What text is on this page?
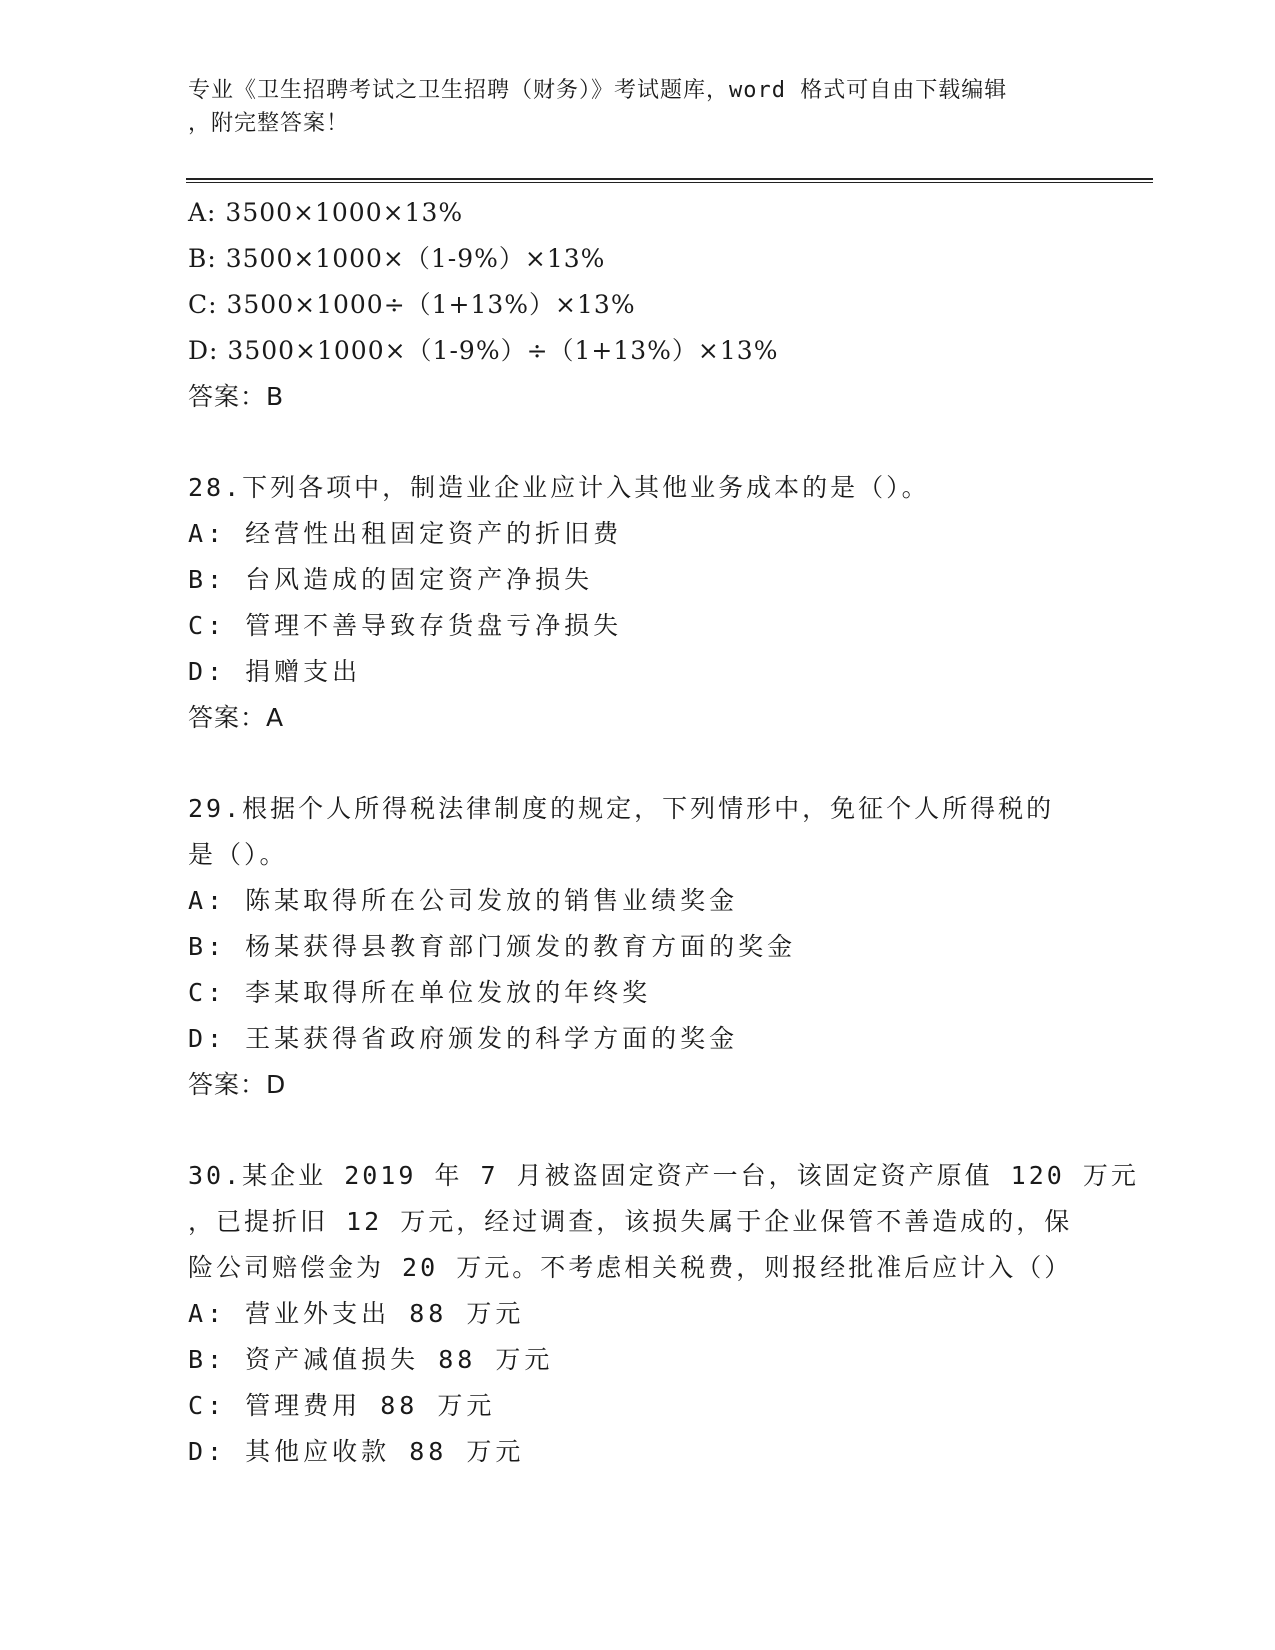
专业《卫生招聘考试之卫生招聘（财务）》考试题库，word 格式可自由下载编辑
，附完整答案！
A: 3500×1000×13%
B: 3500×1000×（1-9%）×13%
C: 3500×1000÷（1+13%）×13%
D: 3500×1000×（1-9%）÷（1+13%）×13%
答案：B
28.下列各项中，制造业企业应计入其他业务成本的是（）。
A: 经营性出租固定资产的折旧费
B: 台风造成的固定资产净损失
C: 管理不善导致存货盘亏净损失
D: 捐赠支出
答案：A
29.根据个人所得税法律制度的规定，下列情形中，免征个人所得税的
是（）。
A: 陈某取得所在公司发放的销售业绩奖金
B: 杨某获得县教育部门颁发的教育方面的奖金
C: 李某取得所在单位发放的年终奖
D: 王某获得省政府颁发的科学方面的奖金
答案：D
30.某企业 2019 年 7 月被盗固定资产一台，该固定资产原值 120 万元
，已提折旧 12 万元，经过调查，该损失属于企业保管不善造成的，保
险公司赔偿金为 20 万元。不考虑相关税费，则报经批准后应计入（）
A: 营业外支出 88 万元
B: 资产减值损失 88 万元
C: 管理费用 88 万元
D: 其他应收款 88 万元
